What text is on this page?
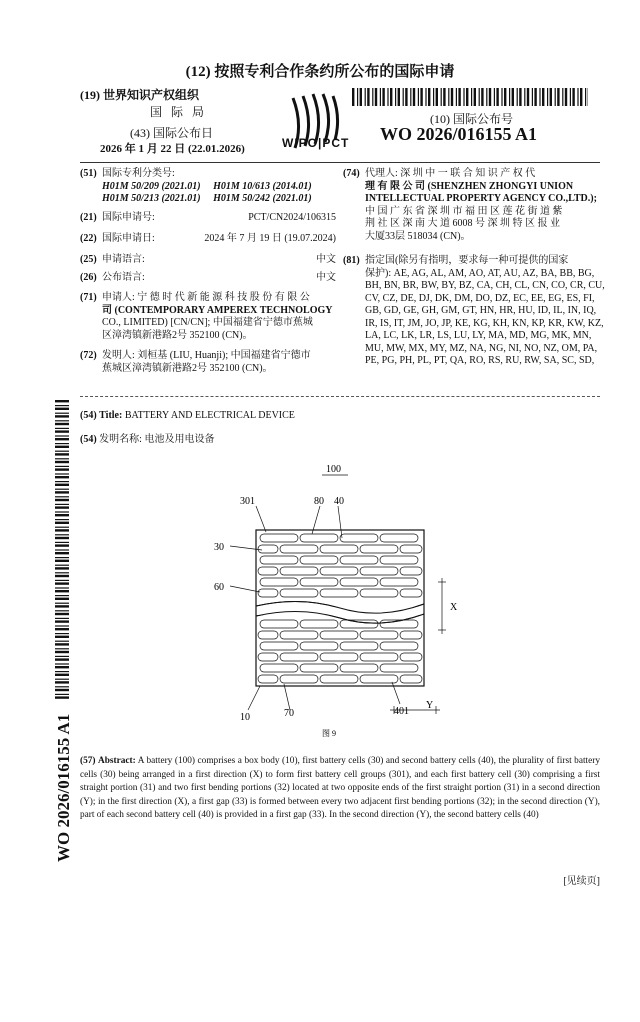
(12) 按照专利合作条约所公布的国际申请
(19) 世界知识产权组织
国 际 局
(43) 国际公布日
2026 年 1 月 22 日 (22.01.2026)	WIPO|PCT
(10) 国际公布号
WO 2026/016155 A1
(51) 国际专利分类号:
H01M 50/209 (2021.01)     H01M 10/613 (2014.01)
H01M 50/213 (2021.01)     H01M 50/242 (2021.01)
(21) 国际申请号:	PCT/CN2024/106315
(22) 国际申请日:	2024 年 7 月 19 日 (19.07.2024)
(25) 申请语言:	中文
(26) 公布语言:	中文
(71) 申请人: 宁 德 时 代 新 能 源 科 技 股 份 有 限 公
司 (CONTEMPORARY AMPEREX TECHNOLOGY
CO., LIMITED) [CN/CN]; 中国福建省宁德市蕉城
区漳湾镇新港路2号 352100 (CN)。
(72) 发明人: 刘桓基 (LIU, Huanji); 中国福建省宁德市
蕉城区漳湾镇新港路2号 352100 (CN)。
(74) 代理人: 深 圳 中 一 联 合 知 识 产 权 代
理 有 限 公 司 (SHENZHEN ZHONGYI UNION
INTELLECTUAL PROPERTY AGENCY CO.,LTD.);
中 国 广 东 省 深 圳 市 福 田 区 莲 花 街 道 紫
荆 社 区 深 南 大 道 6008 号 深 圳 特 区 报 业
大厦33层 518034 (CN)。
(81) 指定国(除另有指明，要求每一种可提供的国家
保护): AE, AG, AL, AM, AO, AT, AU, AZ, BA, BB, BG,
BH, BN, BR, BW, BY, BZ, CA, CH, CL, CN, CO, CR, CU,
CV, CZ, DE, DJ, DK, DM, DO, DZ, EC, EE, EG, ES, FI,
GB, GD, GE, GH, GM, GT, HN, HR, HU, ID, IL, IN, IQ,
IR, IS, IT, JM, JO, JP, KE, KG, KH, KN, KP, KR, KW, KZ,
LA, LC, LK, LR, LS, LU, LY, MA, MD, MG, MK, MN,
MU, MW, MX, MY, MZ, NA, NG, NI, NO, NZ, OM, PA,
PE, PG, PH, PL, PT, QA, RO, RS, RU, RW, SA, SC, SD,
WO 2026/016155 A1
(54) Title: BATTERY AND ELECTRICAL DEVICE
(54) 发明名称: 电池及用电设备
100
301	80 40
30
60
10	70	401
X
Y
图 9
(57) Abstract: A battery (100) comprises a box body (10), first battery cells (30) and second battery cells (40), the plurality of first battery cells (30) being arranged in a first direction (X) to form first battery cell groups (301), and each first battery cell (30) comprising a first straight portion (31) and two first bending portions (32) located at two opposite ends of the first straight portion (31) in a second direction (Y); in the first direction (X), a first gap (33) is formed between every two adjacent first bending portions (32); in the second direction (Y), part of each second battery cell (40) is provided in a first gap (33). In the second direction (Y), the second battery cells (40)
[见续页]
